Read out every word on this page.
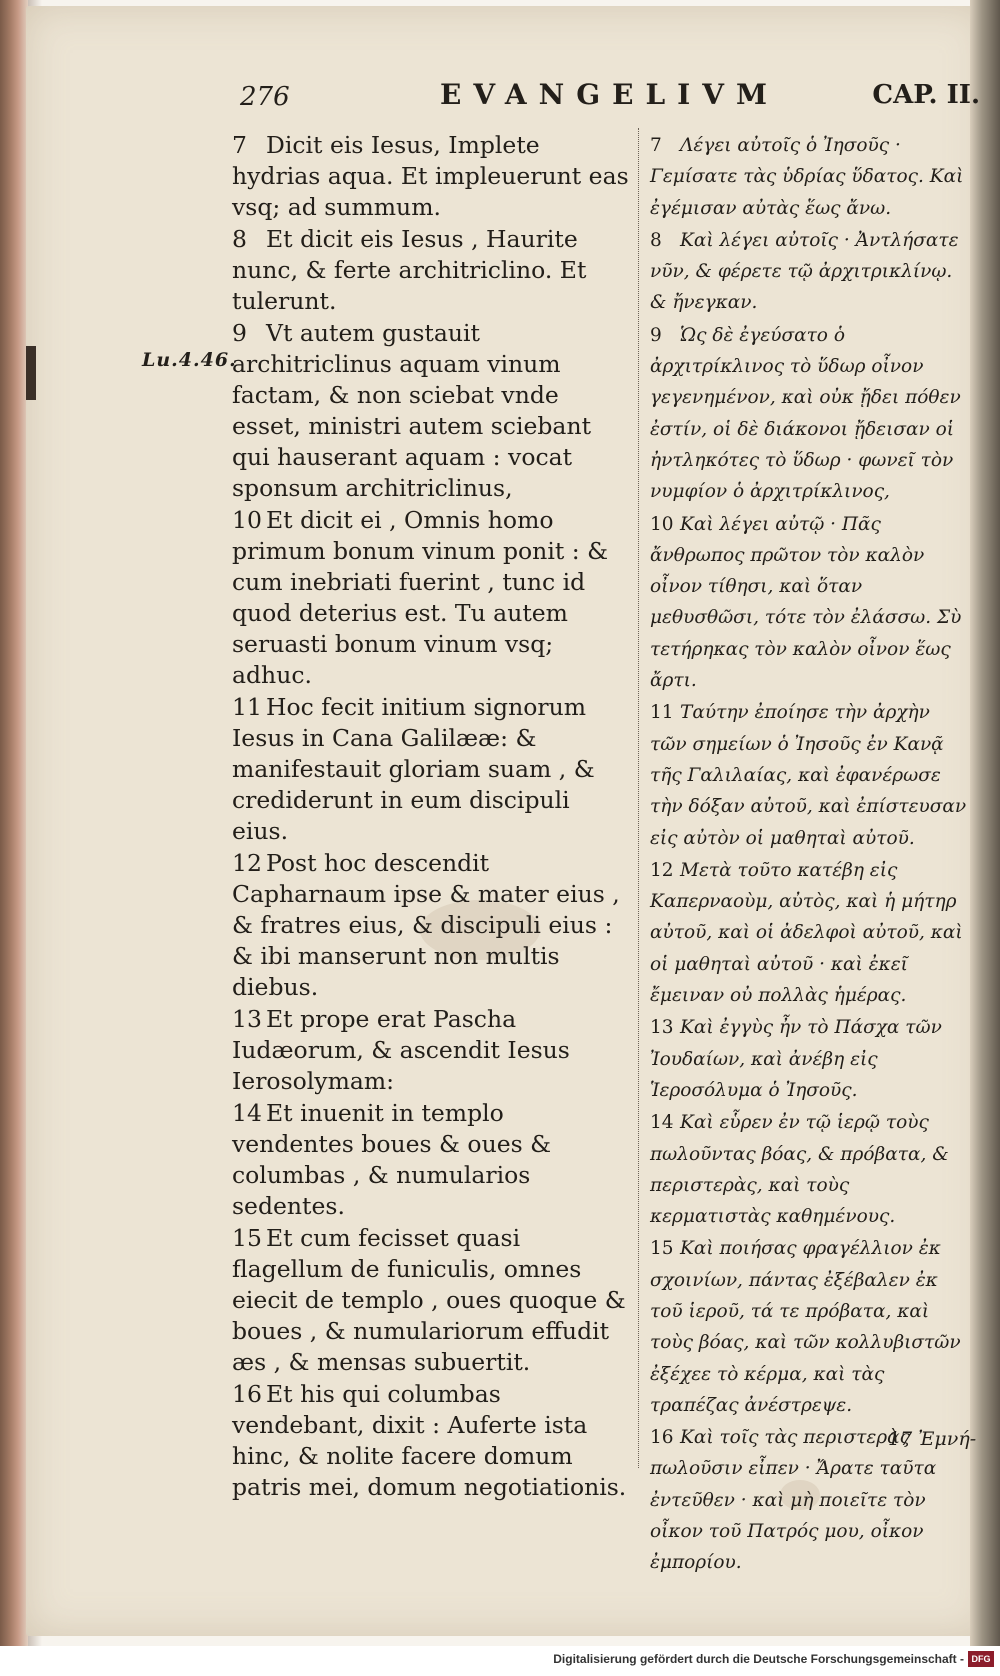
276	EVANGELIVM	CAP. II.
Lu.4.46.

7 Dicit eis Iesus, Implete hydrias aqua. Et impleuerunt eas vsq; ad summum.

8 Et dicit eis Iesus , Haurite nunc, & ferte architriclino. Et tulerunt.

9 Vt autem gustauit architriclinus aquam vinum factam, & non sciebat vnde esset, ministri autem sciebant qui hauserant aquam : vocat sponsum architriclinus,

10 Et dicit ei , Omnis homo primum bonum vinum ponit : & cum inebriati fuerint , tunc id quod deterius est. Tu autem seruasti bonum vinum vsq; adhuc.

11 Hoc fecit initium signorum Iesus in Cana Galilææ: & manifestauit gloriam suam , & crediderunt in eum discipuli eius.

12 Post hoc descendit Capharnaum ipse & mater eius , & fratres eius, & discipuli eius : & ibi manserunt non multis diebus.

13 Et prope erat Pascha Iudæorum, & ascendit Iesus Ierosolymam:

14 Et inuenit in templo vendentes boues & oues & columbas , & numularios sedentes.

15 Et cum fecisset quasi flagellum de funiculis, omnes eiecit de templo , oues quoque & boues , & numulariorum effudit æs , & mensas subuertit.

16 Et his qui columbas vendebant, dixit : Auferte ista hinc, & nolite facere domum patris mei, domum negotiationis.

7 Λέγει αὐτοῖς ὁ Ἰησοῦς · Γεμίσατε τὰς ὑδρίας ὕδατος. Καὶ ἐγέμισαν αὐτὰς ἕως ἄνω.

8 Καὶ λέγει αὐτοῖς · Ἀντλήσατε νῦν, & φέρετε τῷ ἀρχιτρικλίνῳ. & ἤνεγκαν.

9 Ὡς δὲ ἐγεύσατο ὁ ἀρχιτρίκλινος τὸ ὕδωρ οἶνον γεγενημένον, καὶ οὐκ ᾔδει πόθεν ἐστίν, οἱ δὲ διάκονοι ᾔδεισαν οἱ ἠντληκότες τὸ ὕδωρ · φωνεῖ τὸν νυμφίον ὁ ἀρχιτρίκλινος,

10 Καὶ λέγει αὐτῷ · Πᾶς ἄνθρωπος πρῶτον τὸν καλὸν οἶνον τίθησι, καὶ ὅταν μεθυσθῶσι, τότε τὸν ἐλάσσω. Σὺ τετήρηκας τὸν καλὸν οἶνον ἕως ἄρτι.

11 Ταύτην ἐποίησε τὴν ἀρχὴν τῶν σημείων ὁ Ἰησοῦς ἐν Κανᾷ τῆς Γαλιλαίας, καὶ ἐφανέρωσε τὴν δόξαν αὐτοῦ, καὶ ἐπίστευσαν εἰς αὐτὸν οἱ μαθηταὶ αὐτοῦ.

12 Μετὰ τοῦτο κατέβη εἰς Καπερναοὺμ, αὐτὸς, καὶ ἡ μήτηρ αὐτοῦ, καὶ οἱ ἀδελφοὶ αὐτοῦ, καὶ οἱ μαθηταὶ αὐτοῦ · καὶ ἐκεῖ ἔμειναν οὐ πολλὰς ἡμέρας.

13 Καὶ ἐγγὺς ἦν τὸ Πάσχα τῶν Ἰουδαίων, καὶ ἀνέβη εἰς Ἱεροσόλυμα ὁ Ἰησοῦς.

14 Καὶ εὗρεν ἐν τῷ ἱερῷ τοὺς πωλοῦντας βόας, & πρόβατα, & περιστερὰς, καὶ τοὺς κερματιστὰς καθημένους.

15 Καὶ ποιήσας φραγέλλιον ἐκ σχοινίων, πάντας ἐξέβαλεν ἐκ τοῦ ἱεροῦ, τά τε πρόβατα, καὶ τοὺς βόας, καὶ τῶν κολλυβιστῶν ἐξέχεε τὸ κέρμα, καὶ τὰς τραπέζας ἀνέστρεψε.

16 Καὶ τοῖς τὰς περιστερὰς πωλοῦσιν εἶπεν · Ἄρατε ταῦτα ἐντεῦθεν · καὶ μὴ ποιεῖτε τὸν οἶκον τοῦ Πατρός μου, οἶκον ἐμπορίου.

17 Ἐμνή-
Digitalisierung gefördert durch die Deutsche Forschungsgemeinschaft - DFG
